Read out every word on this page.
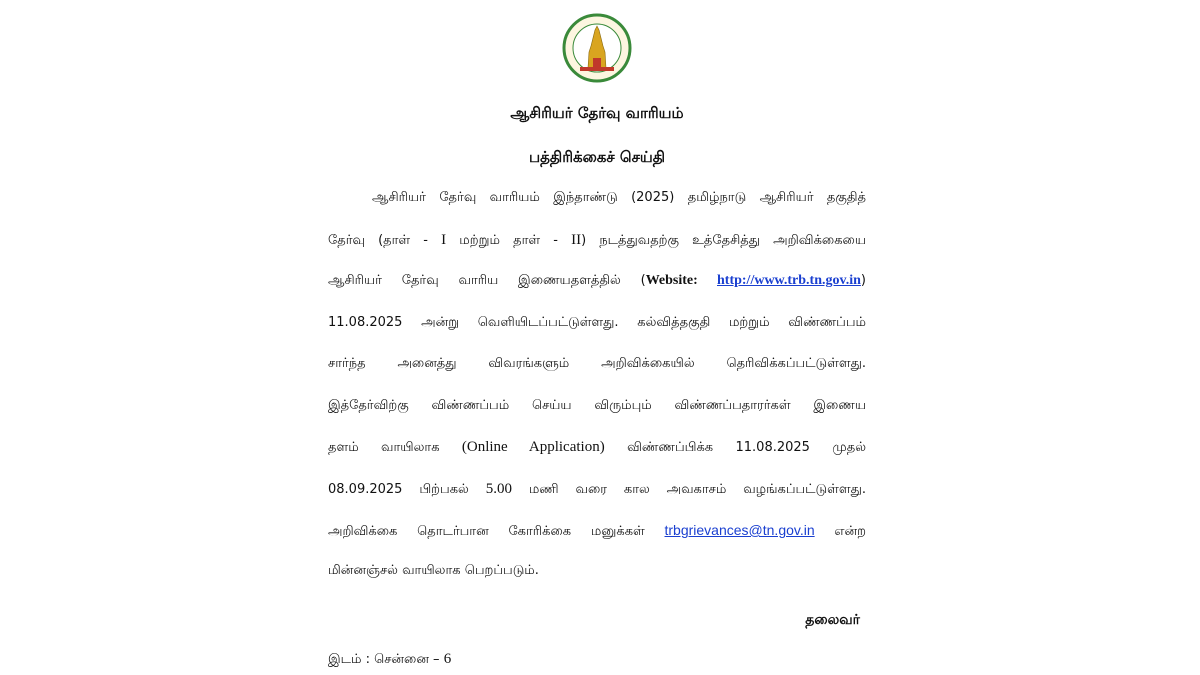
ஆசிரியர் தேர்வு வாரியம்
பத்திரிக்கைச் செய்தி
ஆசிரியர் தேர்வு வாரியம் இந்தாண்டு (2025) தமிழ்நாடு ஆசிரியர் தகுதித்
தேர்வு (தாள் - I மற்றும் தாள் - II) நடத்துவதற்கு உத்தேசித்து அறிவிக்கையை
ஆசிரியர் தேர்வு வாரிய இணையதளத்தில் (Website: http://www.trb.tn.gov.in)
11.08.2025 அன்று வெளியிடப்பட்டுள்ளது. கல்வித்தகுதி மற்றும் விண்ணப்பம்
சார்ந்த அனைத்து விவரங்களும் அறிவிக்கையில் தெரிவிக்கப்பட்டுள்ளது.
இத்தேர்விற்கு விண்ணப்பம் செய்ய விரும்பும் விண்ணப்பதாரர்கள் இணைய
தளம் வாயிலாக (Online Application) விண்ணப்பிக்க 11.08.2025 முதல்
08.09.2025 பிற்பகல் 5.00 மணி வரை கால அவகாசம் வழங்கப்பட்டுள்ளது.
அறிவிக்கை தொடர்பான கோரிக்கை மனுக்கள் trbgrievances@tn.gov.in என்ற
மின்னஞ்சல் வாயிலாக பெறப்படும்.
தலைவர்
இடம் : சென்னை – 6
